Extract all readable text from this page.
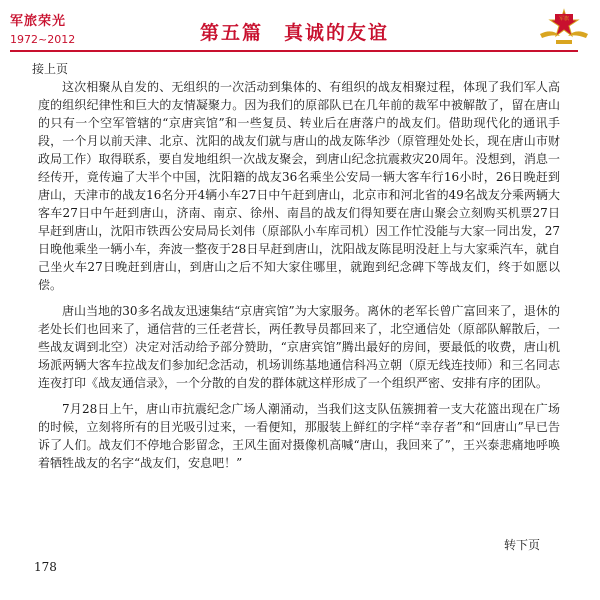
军旅荣光
1972~2012	第五篇　真诚的友谊
军旗

接上页

这次相聚从自发的、无组织的一次活动到集体的、有组织的战友相聚过程，体现了我们军人高度的组织纪律性和巨大的友情凝聚力。因为我们的原部队已在几年前的裁军中被解散了，留在唐山的只有一个空军管辖的“京唐宾馆”和一些复员、转业后在唐落户的战友们。借助现代化的通讯手段，一个月以前天津、北京、沈阳的战友们就与唐山的战友陈华沙（原管理处处长，现在唐山市财政局工作）取得联系，要自发地组织一次战友聚会，到唐山纪念抗震救灾20周年。没想到，消息一经传开，竟传遍了大半个中国，沈阳籍的战友36名乘坐公安局一辆大客车行16小时，26日晚赶到唐山，天津市的战友16名分开4辆小车27日中午赶到唐山，北京市和河北省的49名战友分乘两辆大客车27日中午赶到唐山，济南、南京、徐州、南昌的战友们得知要在唐山聚会立刻购买机票27日早赶到唐山，沈阳市铁西公安局局长刘伟（原部队小车库司机）因工作忙没能与大家一同出发，27日晚他乘坐一辆小车，奔波一整夜于28日早赶到唐山，沈阳战友陈昆明没赶上与大家乘汽车，就自己坐火车27日晚赶到唐山，到唐山之后不知大家住哪里，就跑到纪念碑下等战友们，终于如愿以偿。

唐山当地的30多名战友迅速集结“京唐宾馆”为大家服务。离休的老军长曾广富回来了，退休的老处长们也回来了，通信营的三任老营长，两任教导员都回来了，北空通信处（原部队解散后，一些战友调到北空）决定对活动给予部分赞助，“京唐宾馆”腾出最好的房间，要最低的收费，唐山机场派两辆大客车拉战友们参加纪念活动，机场训练基地通信科冯立朝（原无线连技师）和三名同志连夜打印《战友通信录》，一个分散的自发的群体就这样形成了一个组织严密、安排有序的团队。

7月28日上午，唐山市抗震纪念广场人潮涌动，当我们这支队伍簇拥着一支大花篮出现在广场的时候，立刻将所有的目光吸引过来，一看便知，那服装上鲜红的字样“幸存者”和“回唐山”早已告诉了人们。战友们不停地合影留念，王风生面对摄像机高喊“唐山，我回来了”，王兴泰悲痛地呼唤着牺牲战友的名字“战友们，安息吧！”

转下页
178
